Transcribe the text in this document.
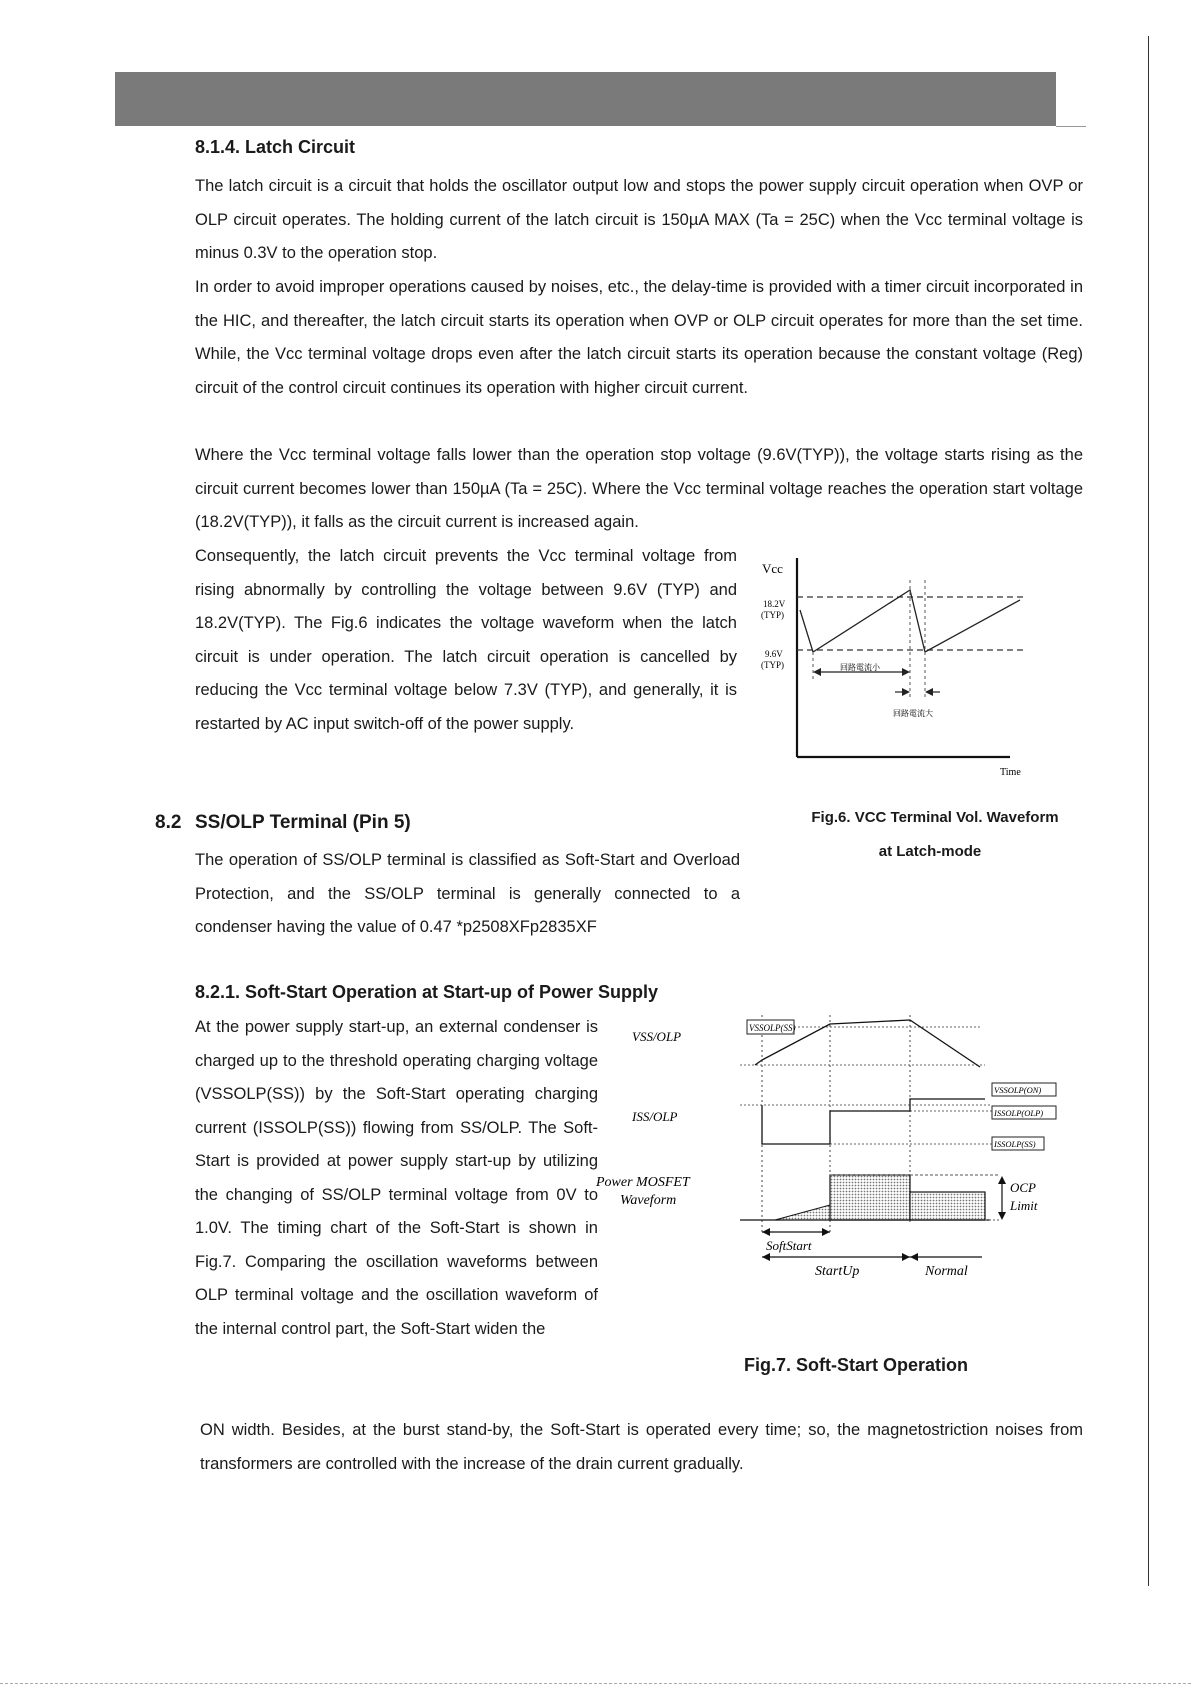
8.1.4. Latch Circuit

The latch circuit is a circuit that holds the oscillator output low and stops the power supply circuit operation when OVP or OLP circuit operates. The holding current of the latch circuit is 150µA MAX (Ta = 25C) when the Vcc terminal voltage is minus 0.3V to the operation stop.

In order to avoid improper operations caused by noises, etc., the delay-time is provided with a timer circuit incorporated in the HIC, and thereafter, the latch circuit starts its operation when OVP or OLP circuit operates for more than the set time. While, the Vcc terminal voltage drops even after the latch circuit starts its operation because the constant voltage (Reg) circuit of the control circuit continues its operation with higher circuit current.

Where the Vcc terminal voltage falls lower than the operation stop voltage (9.6V(TYP)), the voltage starts rising as the circuit current becomes lower than 150µA (Ta = 25C). Where the Vcc terminal voltage reaches the operation start voltage (18.2V(TYP)), it falls as the circuit current is increased again.

Consequently, the latch circuit prevents the Vcc terminal voltage from rising abnormally by controlling the voltage between 9.6V (TYP) and 18.2V(TYP). The Fig.6 indicates the voltage waveform when the latch circuit is under operation. The latch circuit operation is cancelled by reducing the Vcc terminal voltage below 7.3V (TYP), and generally, it is restarted by AC input switch-off of the power supply.

Vcc
18.2V
(TYP)
9.6V
(TYP)	回路電流小
回路電流大
Time
Fig.6. VCC Terminal Vol. Waveform
at Latch-mode
8.2 SS/OLP Terminal (Pin 5)

The operation of SS/OLP terminal is classified as Soft-Start and Overload Protection, and the SS/OLP terminal is generally connected to a condenser having the value of 0.47 *p2508XFp2835XF

8.2.1. Soft-Start Operation at Start-up of Power Supply

At the power supply start-up, an external condenser is charged up to the threshold operating charging voltage (VSSOLP(SS)) by the Soft-Start operating charging current (ISSOLP(SS)) flowing from SS/OLP. The Soft-Start is provided at power supply start-up by utilizing the changing of SS/OLP terminal voltage from 0V to 1.0V. The timing chart of the Soft-Start is shown in Fig.7. Comparing the oscillation waveforms between OLP terminal voltage and the oscillation waveform of the internal control part, the Soft-Start widen the

ON width. Besides, at the burst stand-by, the Soft-Start is operated every time; so, the magnetostriction noises from transformers are controlled with the increase of the drain current gradually.

VSS/OLP
ISS/OLP
Power MOSFET
Waveform
VSSOLP(SS)
VSSOLP(ON)
ISSOLP(OLP)
ISSOLP(SS)
OCP
Limit
SoftStart
StartUp	Normal
Fig.7. Soft-Start Operation
